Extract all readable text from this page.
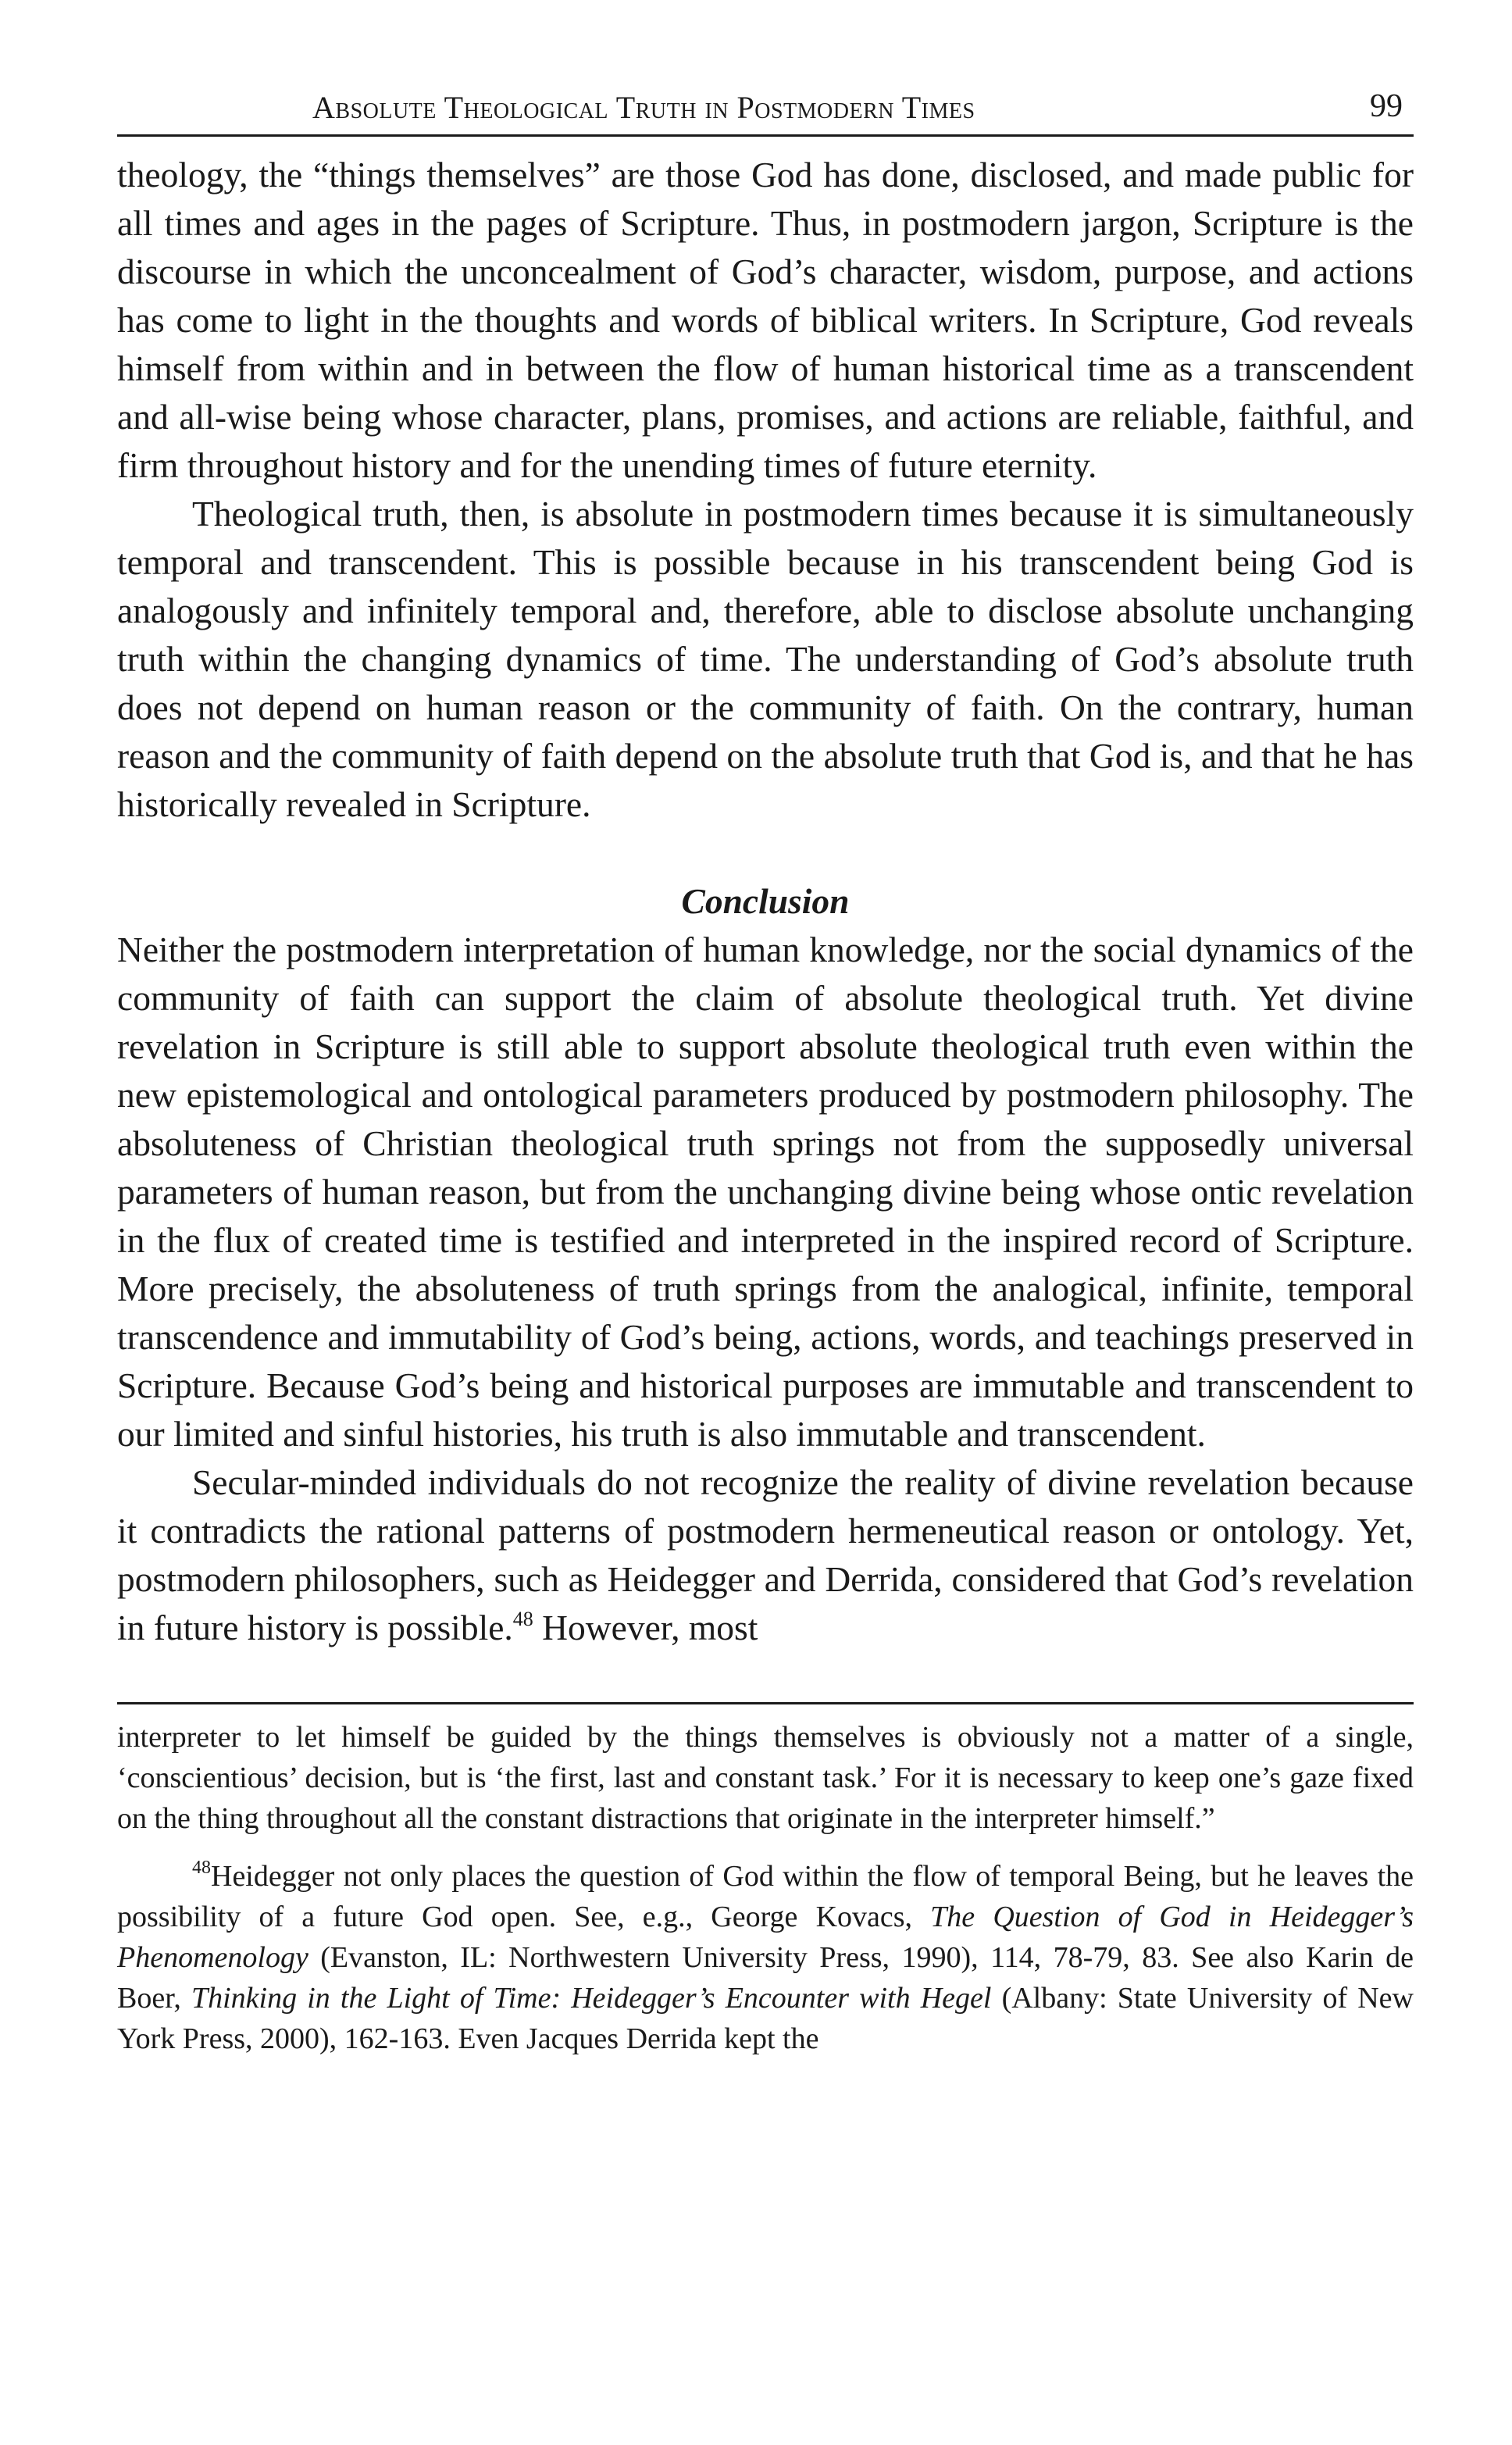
Absolute Theological Truth in Postmodern Times	99

theology, the “things themselves” are those God has done, disclosed, and made public for all times and ages in the pages of Scripture. Thus, in postmodern jargon, Scripture is the discourse in which the unconcealment of God’s character, wisdom, purpose, and actions has come to light in the thoughts and words of biblical writers. In Scripture, God reveals himself from within and in between the flow of human historical time as a transcendent and all-wise being whose character, plans, promises, and actions are reliable, faithful, and firm throughout history and for the unending times of future eternity.

Theological truth, then, is absolute in postmodern times because it is simultaneously temporal and transcendent. This is possible because in his transcendent being God is analogously and infinitely temporal and, therefore, able to disclose absolute unchanging truth within the changing dynamics of time. The understanding of God’s absolute truth does not depend on human reason or the community of faith. On the contrary, human reason and the community of faith depend on the absolute truth that God is, and that he has historically revealed in Scripture.

Conclusion

Neither the postmodern interpretation of human knowledge, nor the social dynamics of the community of faith can support the claim of absolute theological truth. Yet divine revelation in Scripture is still able to support absolute theological truth even within the new epistemological and ontological parameters produced by postmodern philosophy. The absoluteness of Christian theological truth springs not from the supposedly universal parameters of human reason, but from the unchanging divine being whose ontic revelation in the flux of created time is testified and interpreted in the inspired record of Scripture. More precisely, the absoluteness of truth springs from the analogical, infinite, temporal transcendence and immutability of God’s being, actions, words, and teachings preserved in Scripture. Because God’s being and historical purposes are immutable and transcendent to our limited and sinful histories, his truth is also immutable and transcendent.

Secular-minded individuals do not recognize the reality of divine revelation because it contradicts the rational patterns of postmodern hermeneutical reason or ontology. Yet, postmodern philosophers, such as Heidegger and Derrida, considered that God’s revelation in future history is possible.$^{48}$ However, most

interpreter to let himself be guided by the things themselves is obviously not a matter of a single, ‘conscientious’ decision, but is ‘the first, last and constant task.’ For it is necessary to keep one’s gaze fixed on the thing throughout all the constant distractions that originate in the interpreter himself.”

$^{48}$Heidegger not only places the question of God within the flow of temporal Being, but he leaves the possibility of a future God open. See, e.g., George Kovacs, The Question of God in Heidegger’s Phenomenology (Evanston, IL: Northwestern University Press, 1990), 114, 78-79, 83. See also Karin de Boer, Thinking in the Light of Time: Heidegger’s Encounter with Hegel (Albany: State University of New York Press, 2000), 162-163. Even Jacques Derrida kept the
